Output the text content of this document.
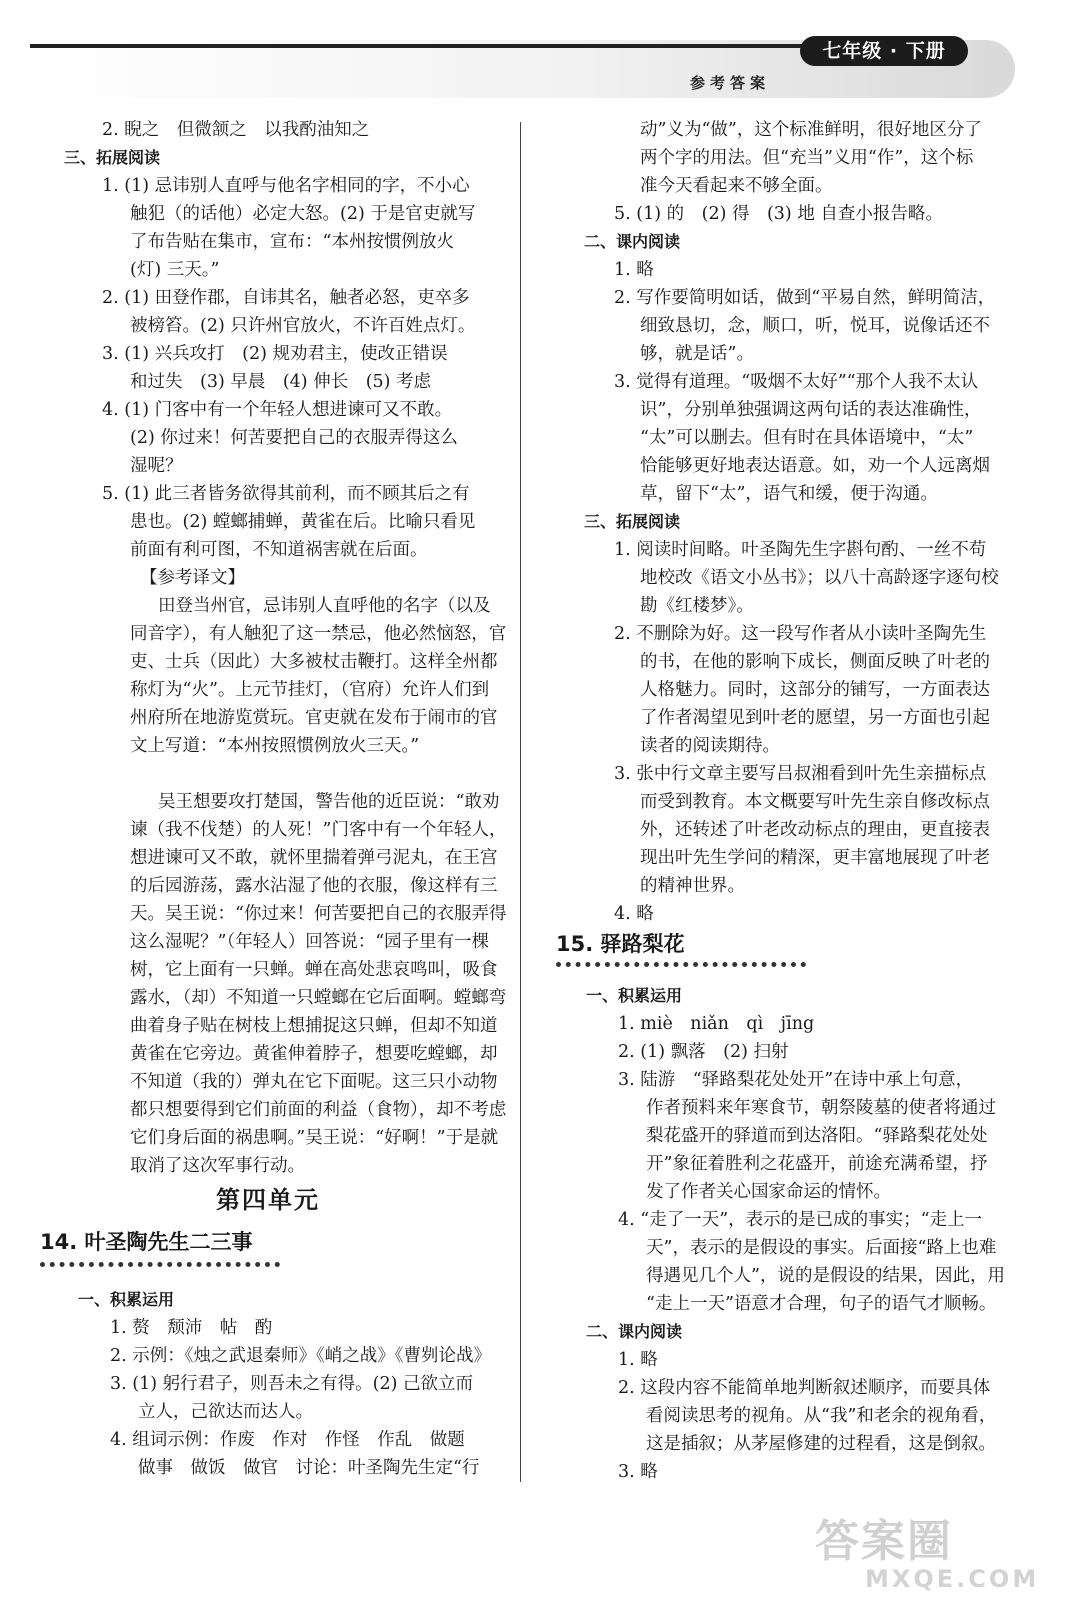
七年级 · 下册
参考答案
2. 睨之　但微颔之　以我酌油知之
三、拓展阅读
1. (1) 忌讳别人直呼与他名字相同的字，不小心
触犯（的话他）必定大怒。(2) 于是官吏就写
了布告贴在集市，宣布：“本州按惯例放火
(灯) 三天。”
2. (1) 田登作郡，自讳其名，触者必怒，吏卒多
被榜笞。(2) 只许州官放火，不许百姓点灯。
3. (1) 兴兵攻打　(2) 规劝君主，使改正错误
和过失　(3) 早晨　(4) 伸长　(5) 考虑
4. (1) 门客中有一个年轻人想进谏可又不敢。
(2) 你过来！何苦要把自己的衣服弄得这么
湿呢？
5. (1) 此三者皆务欲得其前利，而不顾其后之有
患也。(2) 螳螂捕蝉，黄雀在后。比喻只看见
前面有利可图，不知道祸害就在后面。
【参考译文】
田登当州官，忌讳别人直呼他的名字（以及
同音字），有人触犯了这一禁忌，他必然恼怒，官
吏、士兵（因此）大多被杖击鞭打。这样全州都
称灯为“火”。上元节挂灯，（官府）允许人们到
州府所在地游览赏玩。官吏就在发布于闹市的官
文上写道：“本州按照惯例放火三天。”
吴王想要攻打楚国，警告他的近臣说：“敢劝
谏（我不伐楚）的人死！”门客中有一个年轻人，
想进谏可又不敢，就怀里揣着弹弓泥丸，在王宫
的后园游荡，露水沾湿了他的衣服，像这样有三
天。吴王说：“你过来！何苦要把自己的衣服弄得
这么湿呢？”（年轻人）回答说：“园子里有一棵
树，它上面有一只蝉。蝉在高处悲哀鸣叫，吸食
露水，（却）不知道一只螳螂在它后面啊。螳螂弯
曲着身子贴在树枝上想捕捉这只蝉，但却不知道
黄雀在它旁边。黄雀伸着脖子，想要吃螳螂，却
不知道（我的）弹丸在它下面呢。这三只小动物
都只想要得到它们前面的利益（食物），却不考虑
它们身后面的祸患啊。”吴王说：“好啊！”于是就
取消了这次军事行动。
第四单元
14. 叶圣陶先生二三事
一、积累运用
1. 赘　颓沛　帖　酌
2. 示例：《烛之武退秦师》《峭之战》《曹刿论战》
3. (1) 躬行君子，则吾未之有得。(2) 己欲立而
立人，己欲达而达人。
4. 组词示例：作废　作对　作怪　作乱　做题
做事　做饭　做官　讨论：叶圣陶先生定“行
动”义为“做”，这个标准鲜明，很好地区分了
两个字的用法。但“充当”义用“作”，这个标
准今天看起来不够全面。
5. (1) 的　(2) 得　(3) 地 自查小报告略。
二、课内阅读
1. 略
2. 写作要简明如话，做到“平易自然，鲜明简洁，
细致恳切，念，顺口，听，悦耳，说像话还不
够，就是话”。
3. 觉得有道理。“吸烟不太好”“那个人我不太认
识”，分别单独强调这两句话的表达准确性，
“太”可以删去。但有时在具体语境中，“太”
恰能够更好地表达语意。如，劝一个人远离烟
草，留下“太”，语气和缓，便于沟通。
三、拓展阅读
1. 阅读时间略。叶圣陶先生字斟句酌、一丝不苟
地校改《语文小丛书》；以八十高龄逐字逐句校
勘《红楼梦》。
2. 不删除为好。这一段写作者从小读叶圣陶先生
的书，在他的影响下成长，侧面反映了叶老的
人格魅力。同时，这部分的铺写，一方面表达
了作者渴望见到叶老的愿望，另一方面也引起
读者的阅读期待。
3. 张中行文章主要写吕叔湘看到叶先生亲描标点
而受到教育。本文概要写叶先生亲自修改标点
外，还转述了叶老改动标点的理由，更直接表
现出叶先生学问的精深，更丰富地展现了叶老
的精神世界。
4. 略
15. 驿路梨花
一、积累运用
1. miè　niǎn　qì　jīng
2. (1) 飘落　(2) 扫射
3. 陆游　“驿路梨花处处开”在诗中承上句意，
作者预料来年寒食节，朝祭陵墓的使者将通过
梨花盛开的驿道而到达洛阳。“驿路梨花处处
开”象征着胜利之花盛开，前途充满希望，抒
发了作者关心国家命运的情怀。
4. “走了一天”，表示的是已成的事实；“走上一
天”，表示的是假设的事实。后面接“路上也难
得遇见几个人”，说的是假设的结果，因此，用
“走上一天”语意才合理，句子的语气才顺畅。
二、课内阅读
1. 略
2. 这段内容不能简单地判断叙述顺序，而要具体
看阅读思考的视角。从“我”和老余的视角看，
这是插叙；从茅屋修建的过程看，这是倒叙。
3. 略
答案圈
MXQE.COM
